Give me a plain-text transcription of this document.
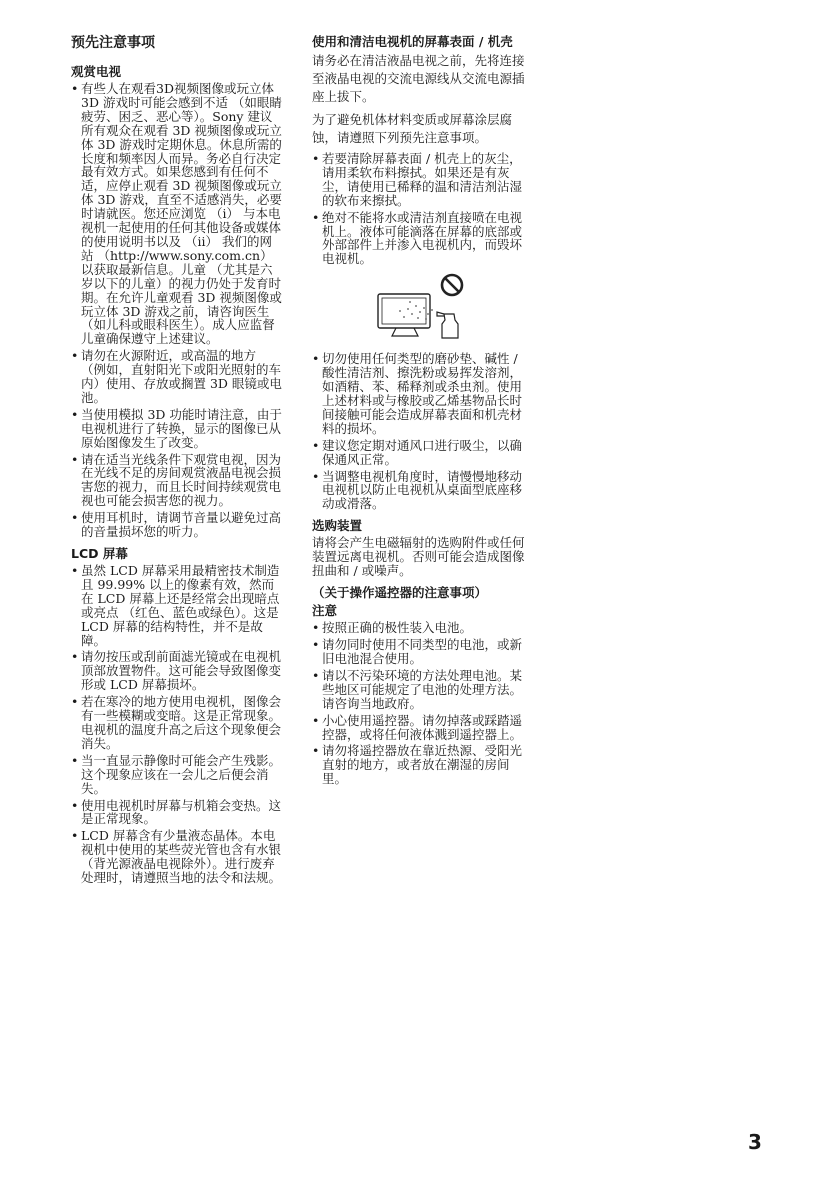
预先注意事项
观赏电视
• 有些人在观看3D视频图像或玩立体 3D 游戏时可能会感到不适 （如眼睛疲劳、困乏、恶心等）。Sony 建议所有观众在观看 3D 视频图像或玩立体 3D 游戏时定期休息。休息所需的长度和频率因人而异。务必自行决定最有效方式。如果您感到有任何不适，应停止观看 3D 视频图像或玩立体 3D 游戏，直至不适感消失，必要时请就医。您还应浏览 （i） 与本电视机一起使用的任何其他设备或媒体的使用说明书以及 （ii） 我们的网站 （http://www.sony.com.cn） 以获取最新信息。儿童 （尤其是六岁以下的儿童）的视力仍处于发育时期。在允许儿童观看 3D 视频图像或玩立体 3D 游戏之前，请咨询医生 （如儿科或眼科医生）。成人应监督儿童确保遵守上述建议。
• 请勿在火源附近，或高温的地方 （例如，直射阳光下或阳光照射的车内）使用、存放或搁置 3D 眼镜或电池。
• 当使用模拟 3D 功能时请注意，由于电视机进行了转换，显示的图像已从原始图像发生了改变。
• 请在适当光线条件下观赏电视，因为在光线不足的房间观赏液晶电视会损害您的视力，而且长时间持续观赏电视也可能会损害您的视力。
• 使用耳机时，请调节音量以避免过高的音量损坏您的听力。
LCD 屏幕
• 虽然 LCD 屏幕采用最精密技术制造且 99.99% 以上的像素有效，然而在 LCD 屏幕上还是经常会出现暗点或亮点 （红色、蓝色或绿色）。这是 LCD 屏幕的结构特性，并不是故障。
• 请勿按压或刮前面滤光镜或在电视机顶部放置物件。这可能会导致图像变形或 LCD 屏幕损坏。
• 若在寒冷的地方使用电视机，图像会有一些模糊或变暗。这是正常现象。电视机的温度升高之后这个现象便会消失。
• 当一直显示静像时可能会产生残影。这个现象应该在一会儿之后便会消失。
• 使用电视机时屏幕与机箱会变热。这是正常现象。
• LCD 屏幕含有少量液态晶体。本电视机中使用的某些荧光管也含有水银 （背光源液晶电视除外）。进行废弃处理时，请遵照当地的法令和法规。
使用和清洁电视机的屏幕表面 / 机壳

请务必在清洁液晶电视之前，先将连接至液晶电视的交流电源线从交流电源插座上拔下。

为了避免机体材料变质或屏幕涂层腐蚀，请遵照下列预先注意事项。

• 若要清除屏幕表面 / 机壳上的灰尘，请用柔软布料擦拭。如果还是有灰尘，请使用已稀释的温和清洁剂沾湿的软布来擦拭。
• 绝对不能将水或清洁剂直接喷在电视机上。液体可能滴落在屏幕的底部或外部部件上并渗入电视机内，而毁坏电视机。
• 切勿使用任何类型的磨砂垫、碱性 / 酸性清洁剂、擦洗粉或易挥发溶剂，如酒精、苯、稀释剂或杀虫剂。使用上述材料或与橡胶或乙烯基物品长时间接触可能会造成屏幕表面和机壳材料的损坏。
• 建议您定期对通风口进行吸尘，以确保通风正常。
• 当调整电视机角度时，请慢慢地移动电视机以防止电视机从桌面型底座移动或滑落。
选购装置

请将会产生电磁辐射的选购附件或任何装置远离电视机。否则可能会造成图像扭曲和 / 或噪声。

（关于操作遥控器的注意事项）
注意
• 按照正确的极性装入电池。
• 请勿同时使用不同类型的电池，或新旧电池混合使用。
• 请以不污染环境的方法处理电池。某些地区可能规定了电池的处理方法。请咨询当地政府。
• 小心使用遥控器。请勿掉落或踩踏遥控器，或将任何液体溅到遥控器上。
• 请勿将遥控器放在靠近热源、受阳光直射的地方，或者放在潮湿的房间里。
3
